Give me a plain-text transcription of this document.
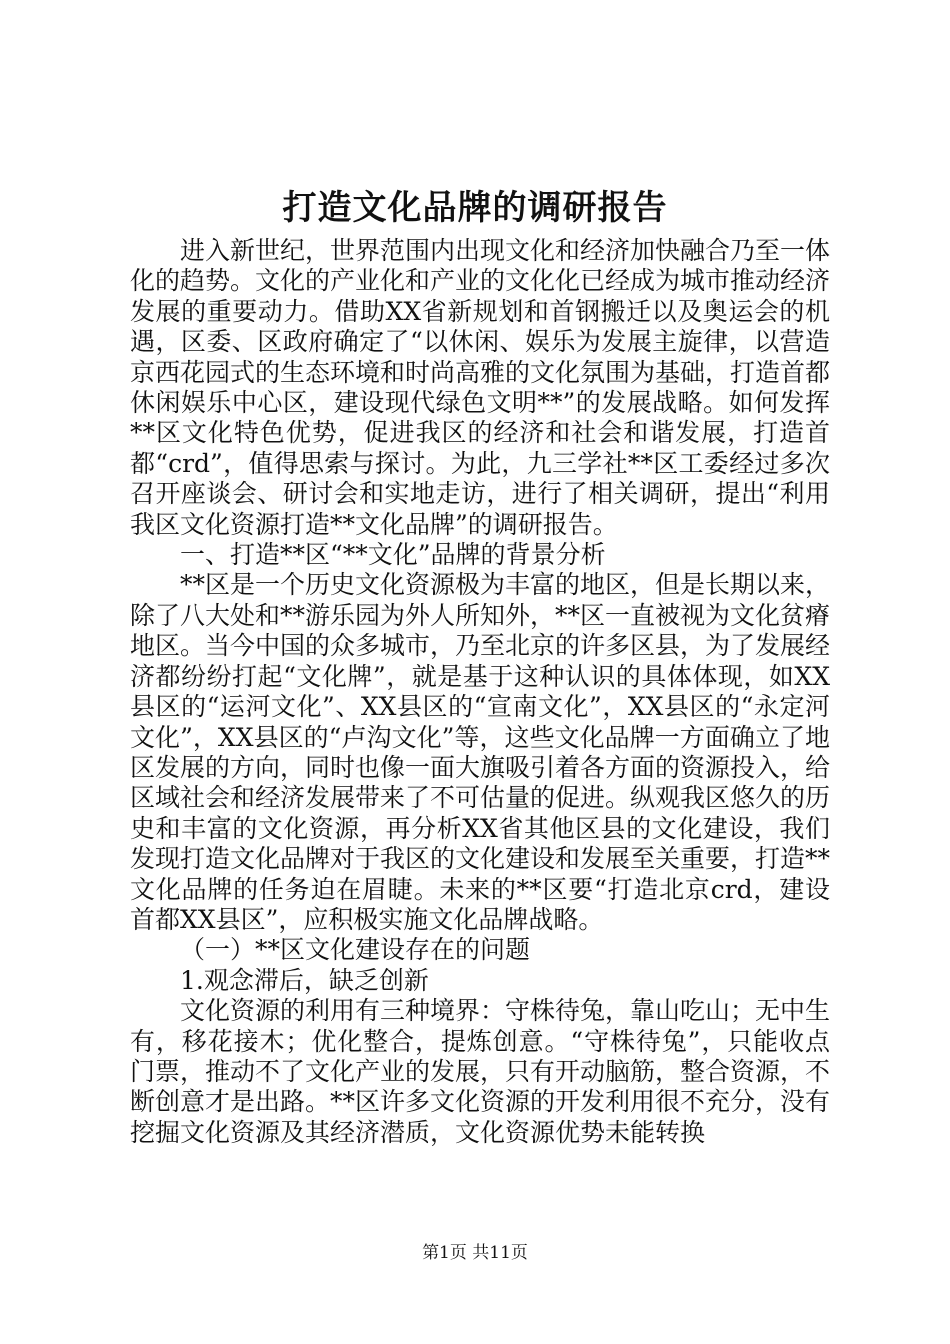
打造文化品牌的调研报告

进入新世纪，世界范围内出现文化和经济加快融合乃至一体化的趋势。文化的产业化和产业的文化化已经成为城市推动经济发展的重要动力。借助XX省新规划和首钢搬迁以及奥运会的机遇，区委、区政府确定了“以休闲、娱乐为发展主旋律，以营造京西花园式的生态环境和时尚高雅的文化氛围为基础，打造首都休闲娱乐中心区，建设现代绿色文明**”的发展战略。如何发挥**区文化特色优势，促进我区的经济和社会和谐发展，打造首都“crd”，值得思索与探讨。为此，九三学社**区工委经过多次召开座谈会、研讨会和实地走访，进行了相关调研，提出“利用我区文化资源打造**文化品牌”的调研报告。

一、打造**区“**文化”品牌的背景分析

**区是一个历史文化资源极为丰富的地区，但是长期以来，除了八大处和**游乐园为外人所知外，**区一直被视为文化贫瘠地区。当今中国的众多城市，乃至北京的许多区县，为了发展经济都纷纷打起“文化牌”，就是基于这种认识的具体体现，如XX县区的“运河文化”、XX县区的“宣南文化”，XX县区的“永定河文化”，XX县区的“卢沟文化”等，这些文化品牌一方面确立了地区发展的方向，同时也像一面大旗吸引着各方面的资源投入，给区域社会和经济发展带来了不可估量的促进。纵观我区悠久的历史和丰富的文化资源，再分析XX省其他区县的文化建设，我们发现打造文化品牌对于我区的文化建设和发展至关重要，打造**文化品牌的任务迫在眉睫。未来的**区要“打造北京crd，建设首都XX县区”，应积极实施文化品牌战略。

（一）**区文化建设存在的问题

1.观念滞后，缺乏创新

文化资源的利用有三种境界：守株待兔，靠山吃山；无中生有，移花接木；优化整合，提炼创意。“守株待兔”，只能收点门票，推动不了文化产业的发展，只有开动脑筋，整合资源，不断创意才是出路。**区许多文化资源的开发利用很不充分，没有挖掘文化资源及其经济潜质，文化资源优势未能转换

第1页 共11页
